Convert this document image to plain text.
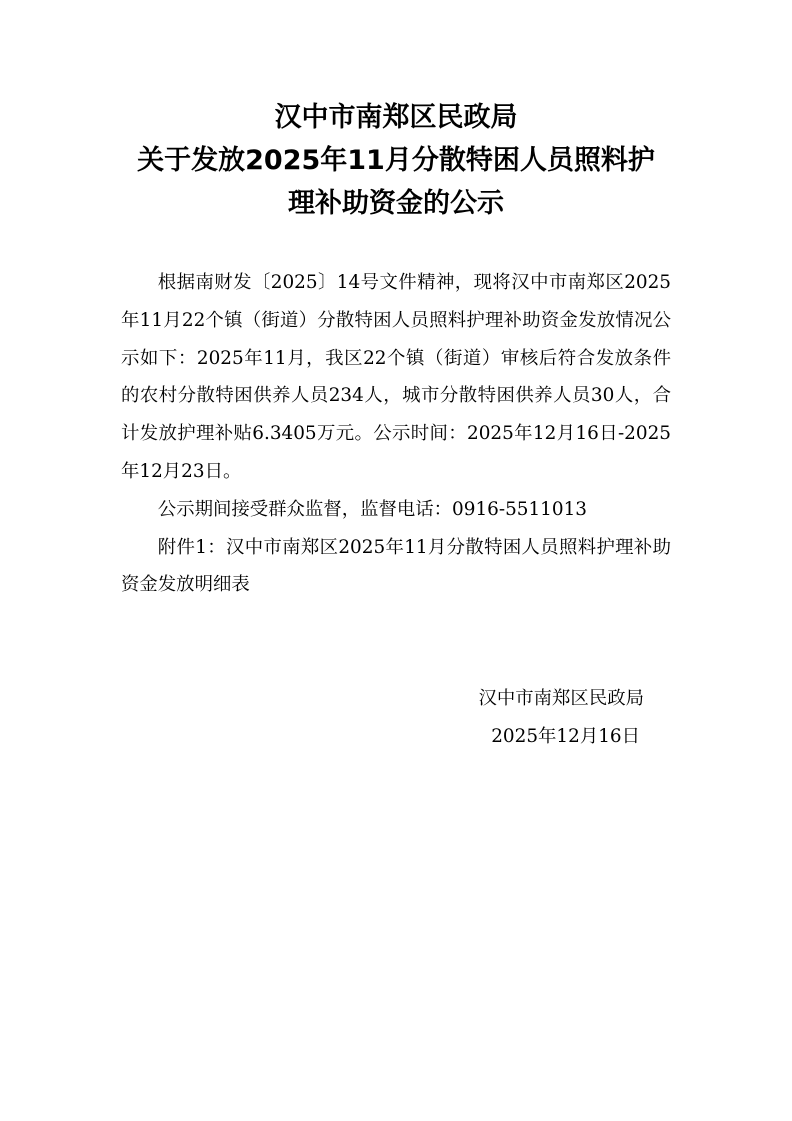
汉中市南郑区民政局
关于发放2025年11月分散特困人员照料护
理补助资金的公示

根据南财发〔2025〕14号文件精神，现将汉中市南郑区2025年11月22个镇（街道）分散特困人员照料护理补助资金发放情况公示如下：2025年11月，我区22个镇（街道）审核后符合发放条件的农村分散特困供养人员234人，城市分散特困供养人员30人，合计发放护理补贴6.3405万元。公示时间：2025年12月16日-2025年12月23日。

公示期间接受群众监督，监督电话：0916-5511013

附件1：汉中市南郑区2025年11月分散特困人员照料护理补助资金发放明细表

汉中市南郑区民政局
2025年12月16日
